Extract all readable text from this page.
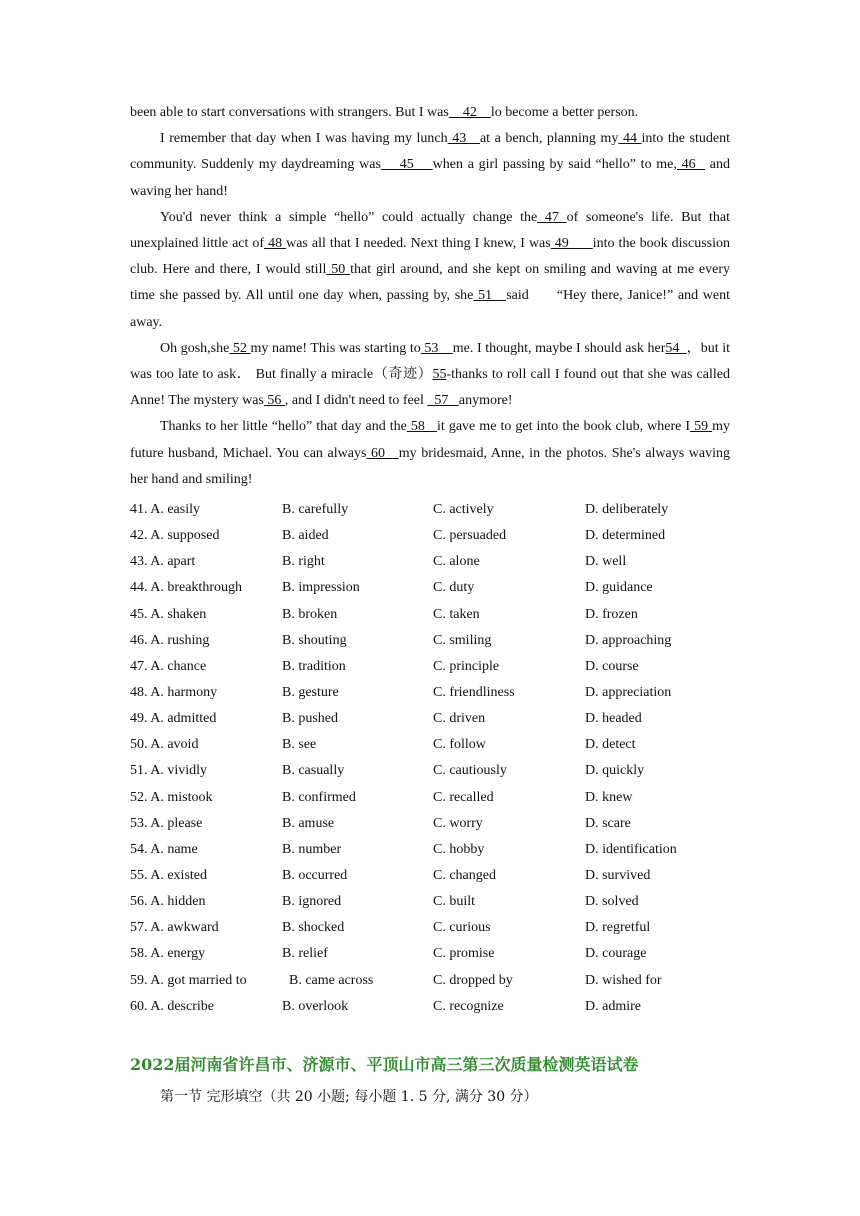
been able to start conversations with strangers. But I was    42    lo become a better person.

I remember that day when I was having my lunch 43   at a bench, planning my 44 into the student community. Suddenly my daydreaming was    45    when a girl passing by said “hello” to me, 46   and waving her hand!

You'd never think a simple “hello” could actually change the 47 of someone's life. But that unexplained little act of 48 was all that I needed. Next thing I knew, I was 49      into the book discussion club. Here and there, I would still 50 that girl around, and she kept on smiling and waving at me every time she passed by. All until one day when, passing by, she 51   said      “Hey there, Janice!” and went away.

Oh gosh,she 52 my name! This was starting to 53    me. I thought, maybe I should ask her54  ，but it was too late to ask． But finally a miracle（奇迹）55-thanks to roll call I found out that she was called Anne! The mystery was 56 , and I didn't need to feel   57   anymore!

Thanks to her little “hello” that day and the 58   it gave me to get into the book club, where I 59 my future husband, Michael. You can always 60   my bridesmaid, Anne, in the photos. She's always waving her hand and smiling!

41. A. easily	B. carefully	C. actively	D. deliberately
42. A. supposed	B. aided	C. persuaded	D. determined
43. A. apart	B. right	C. alone	D. well
44. A. breakthrough	B. impression	C. duty	D. guidance
45. A. shaken	B. broken	C. taken	D. frozen
46. A. rushing	B. shouting	C. smiling	D. approaching
47. A. chance	B. tradition	C. principle	D. course
48. A. harmony	B. gesture	C. friendliness	D. appreciation
49. A. admitted	B. pushed	C. driven	D. headed
50. A. avoid	B. see	C. follow	D. detect
51. A. vividly	B. casually	C. cautiously	D. quickly
52. A. mistook	B. confirmed	C. recalled	D. knew
53. A. please	B. amuse	C. worry	D. scare
54. A. name	B. number	C. hobby	D. identification
55. A. existed	B. occurred	C. changed	D. survived
56. A. hidden	B. ignored	C. built	D. solved
57. A. awkward	B. shocked	C. curious	D. regretful
58. A. energy	B. relief	C. promise	D. courage
59. A. got married to	B. came across	C. dropped by	D. wished for
60. A. describe	B. overlook	C. recognize	D. admire
2022届河南省许昌市、济源市、平顶山市高三第三次质量检测英语试卷
第一节 完形填空（共 20 小题; 每小题 1. 5 分, 满分 30 分）
